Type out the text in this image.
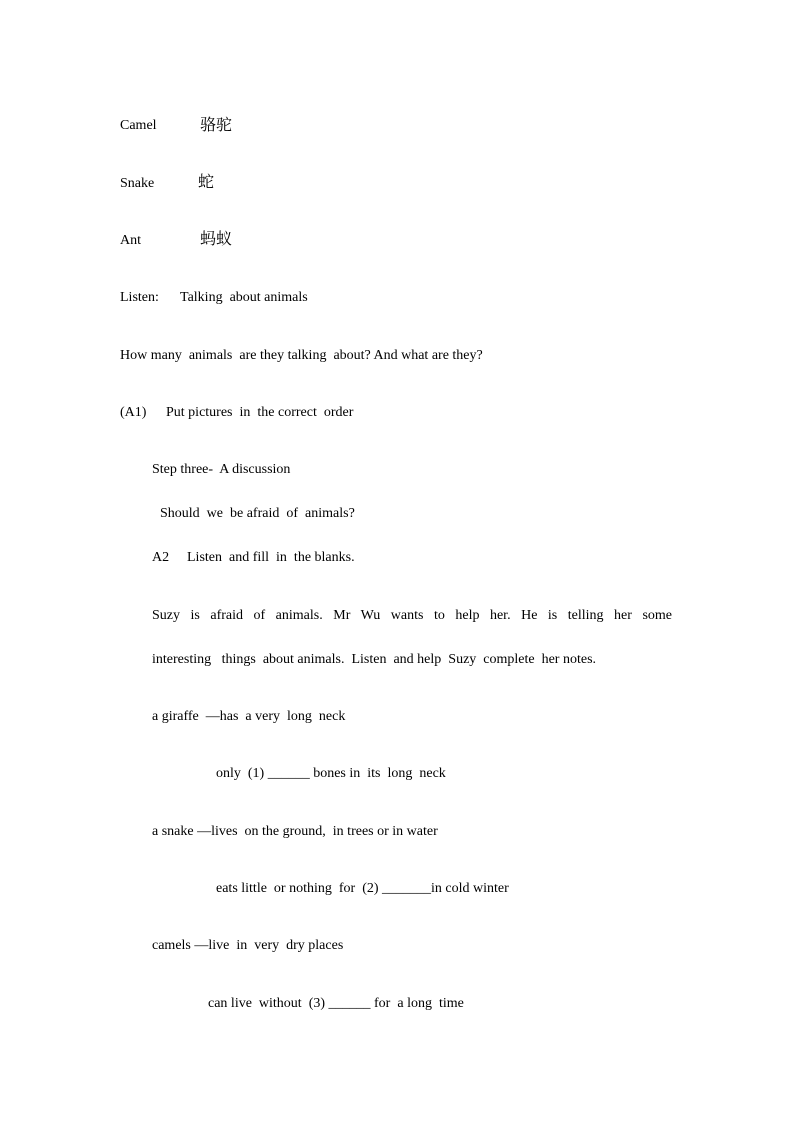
Camel	骆驼
Snake	蛇
Ant	蚂蚁
Listen: Talking  about animals
How many  animals  are they talking  about? And what are they?
(A1) Put pictures  in  the correct  order
Step three-  A discussion
Should  we  be afraid  of  animals?
A2 Listen  and fill  in  the blanks.
Suzy is afraid of animals. Mr Wu wants to help her. He is telling her some
interesting   things  about animals.  Listen  and help  Suzy  complete  her notes.
a giraffe  —has  a very  long  neck
only  (1) ______ bones in  its  long  neck
a snake —lives  on the ground,  in trees or in water
eats little  or nothing  for  (2) _______in cold winter
camels —live  in  very  dry places
can live  without  (3) ______ for  a long  time
